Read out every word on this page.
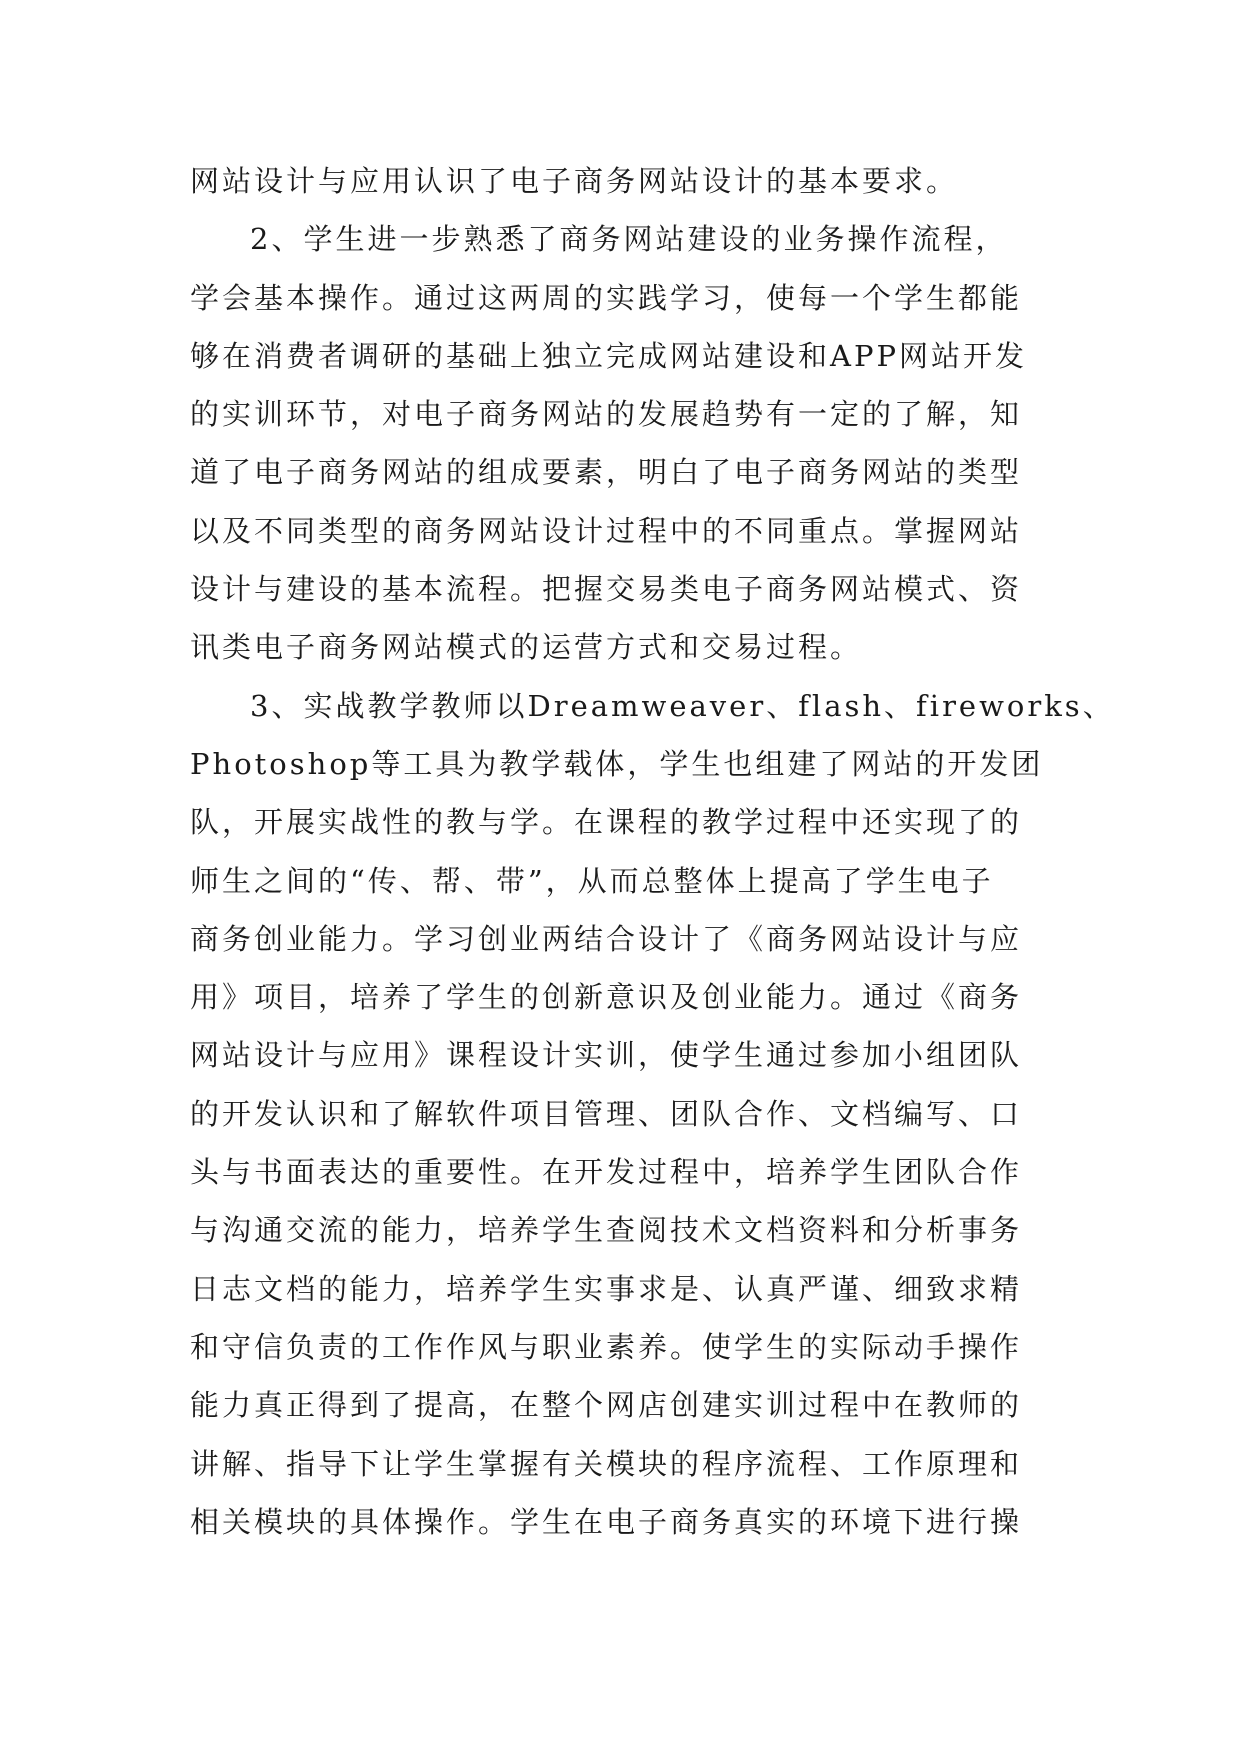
网站设计与应用认识了电子商务网站设计的基本要求。
2、学生进一步熟悉了商务网站建设的业务操作流程，
学会基本操作。通过这两周的实践学习，使每一个学生都能
够在消费者调研的基础上独立完成网站建设和APP网站开发
的实训环节，对电子商务网站的发展趋势有一定的了解，知
道了电子商务网站的组成要素，明白了电子商务网站的类型
以及不同类型的商务网站设计过程中的不同重点。掌握网站
设计与建设的基本流程。把握交易类电子商务网站模式、资
讯类电子商务网站模式的运营方式和交易过程。
3、实战教学教师以Dreamweaver、flash、fireworks、
Photoshop等工具为教学载体，学生也组建了网站的开发团
队，开展实战性的教与学。在课程的教学过程中还实现了的
师生之间的“传、帮、带”，从而总整体上提高了学生电子
商务创业能力。学习创业两结合设计了《商务网站设计与应
用》项目，培养了学生的创新意识及创业能力。通过《商务
网站设计与应用》课程设计实训，使学生通过参加小组团队
的开发认识和了解软件项目管理、团队合作、文档编写、口
头与书面表达的重要性。在开发过程中，培养学生团队合作
与沟通交流的能力，培养学生查阅技术文档资料和分析事务
日志文档的能力，培养学生实事求是、认真严谨、细致求精
和守信负责的工作作风与职业素养。使学生的实际动手操作
能力真正得到了提高，在整个网店创建实训过程中在教师的
讲解、指导下让学生掌握有关模块的程序流程、工作原理和
相关模块的具体操作。学生在电子商务真实的环境下进行操
